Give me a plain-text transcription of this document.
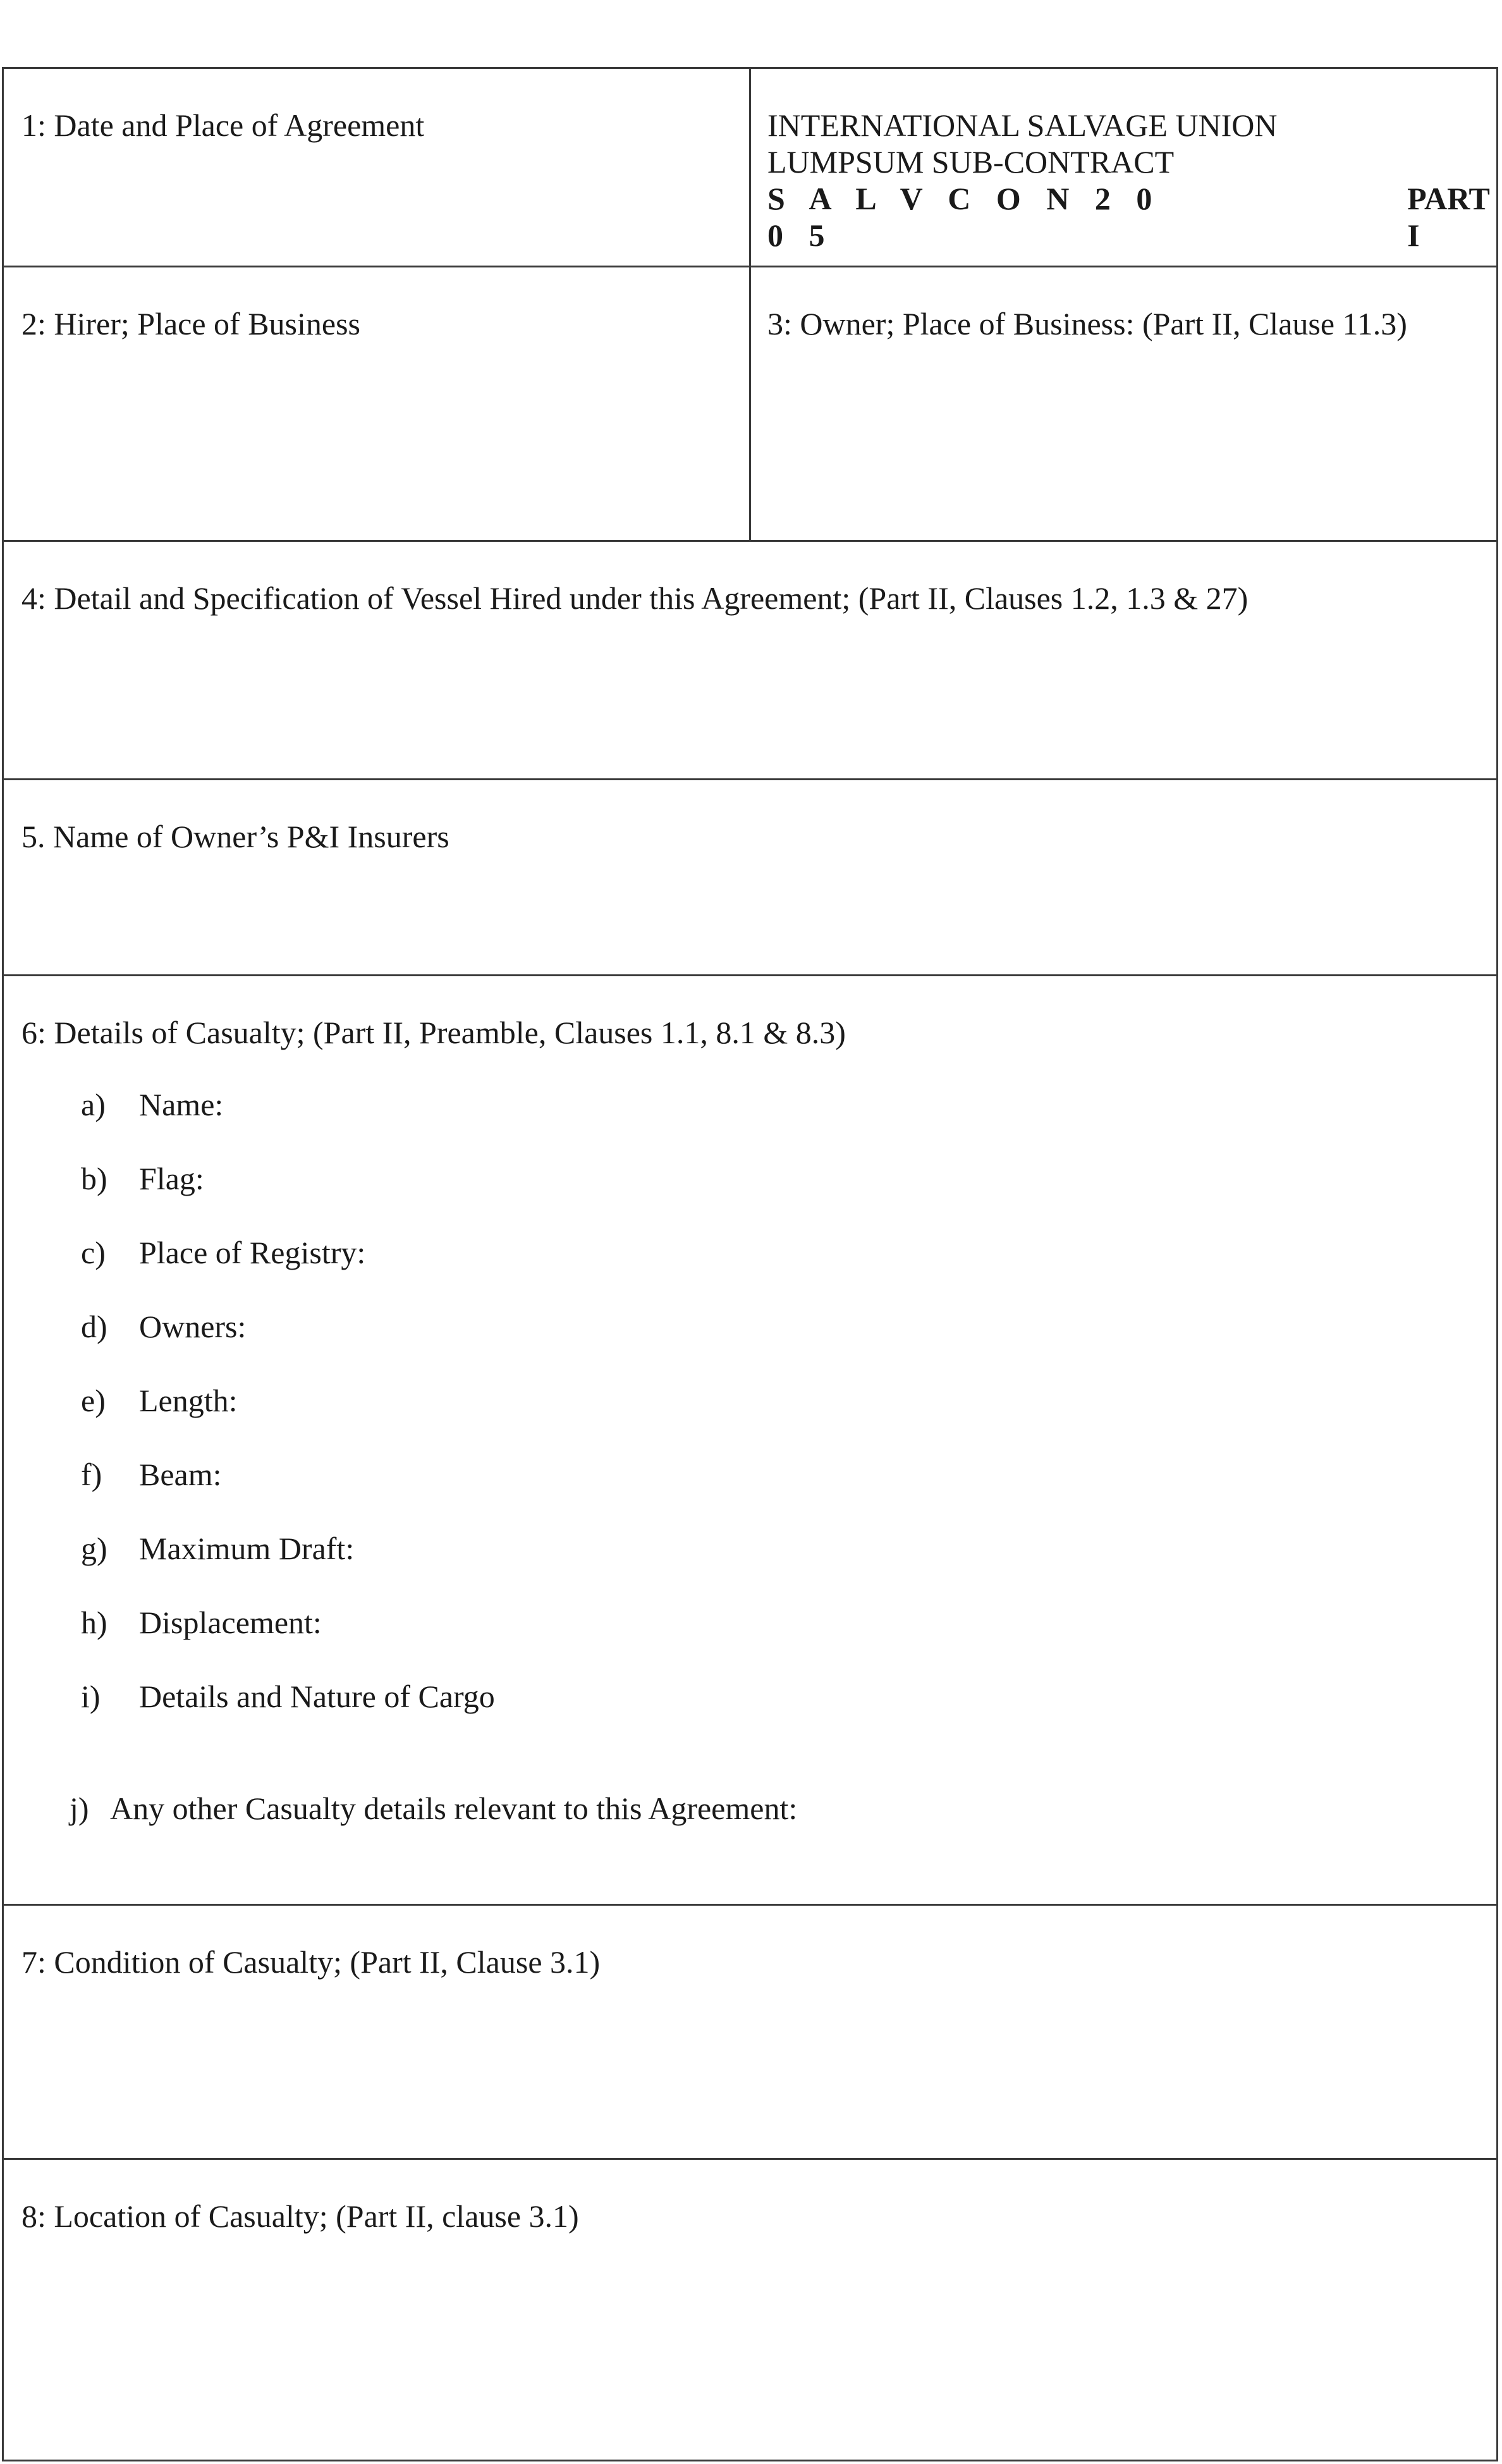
1: Date and Place of Agreement	INTERNATIONAL SALVAGE UNION
LUMPSUM SUB-CONTRACT
S A L V C O N 2 0 0 5
PART I
2: Hirer; Place of Business	3: Owner; Place of Business: (Part II, Clause 11.3)
4: Detail and Specification of Vessel Hired under this Agreement; (Part II, Clauses 1.2, 1.3 & 27)
5. Name of Owner’s P&I Insurers
6: Details of Casualty; (Part II, Preamble, Clauses 1.1, 8.1 & 8.3)
a)	Name:
b)	Flag:
c)	Place of Registry:
d)	Owners:
e)	Length:
f)	Beam:
g)	Maximum Draft:
h)	Displacement:
i)	Details and Nature of Cargo
j) Any other Casualty details relevant to this Agreement:
7: Condition of Casualty; (Part II, Clause 3.1)
8: Location of Casualty; (Part II, clause 3.1)
